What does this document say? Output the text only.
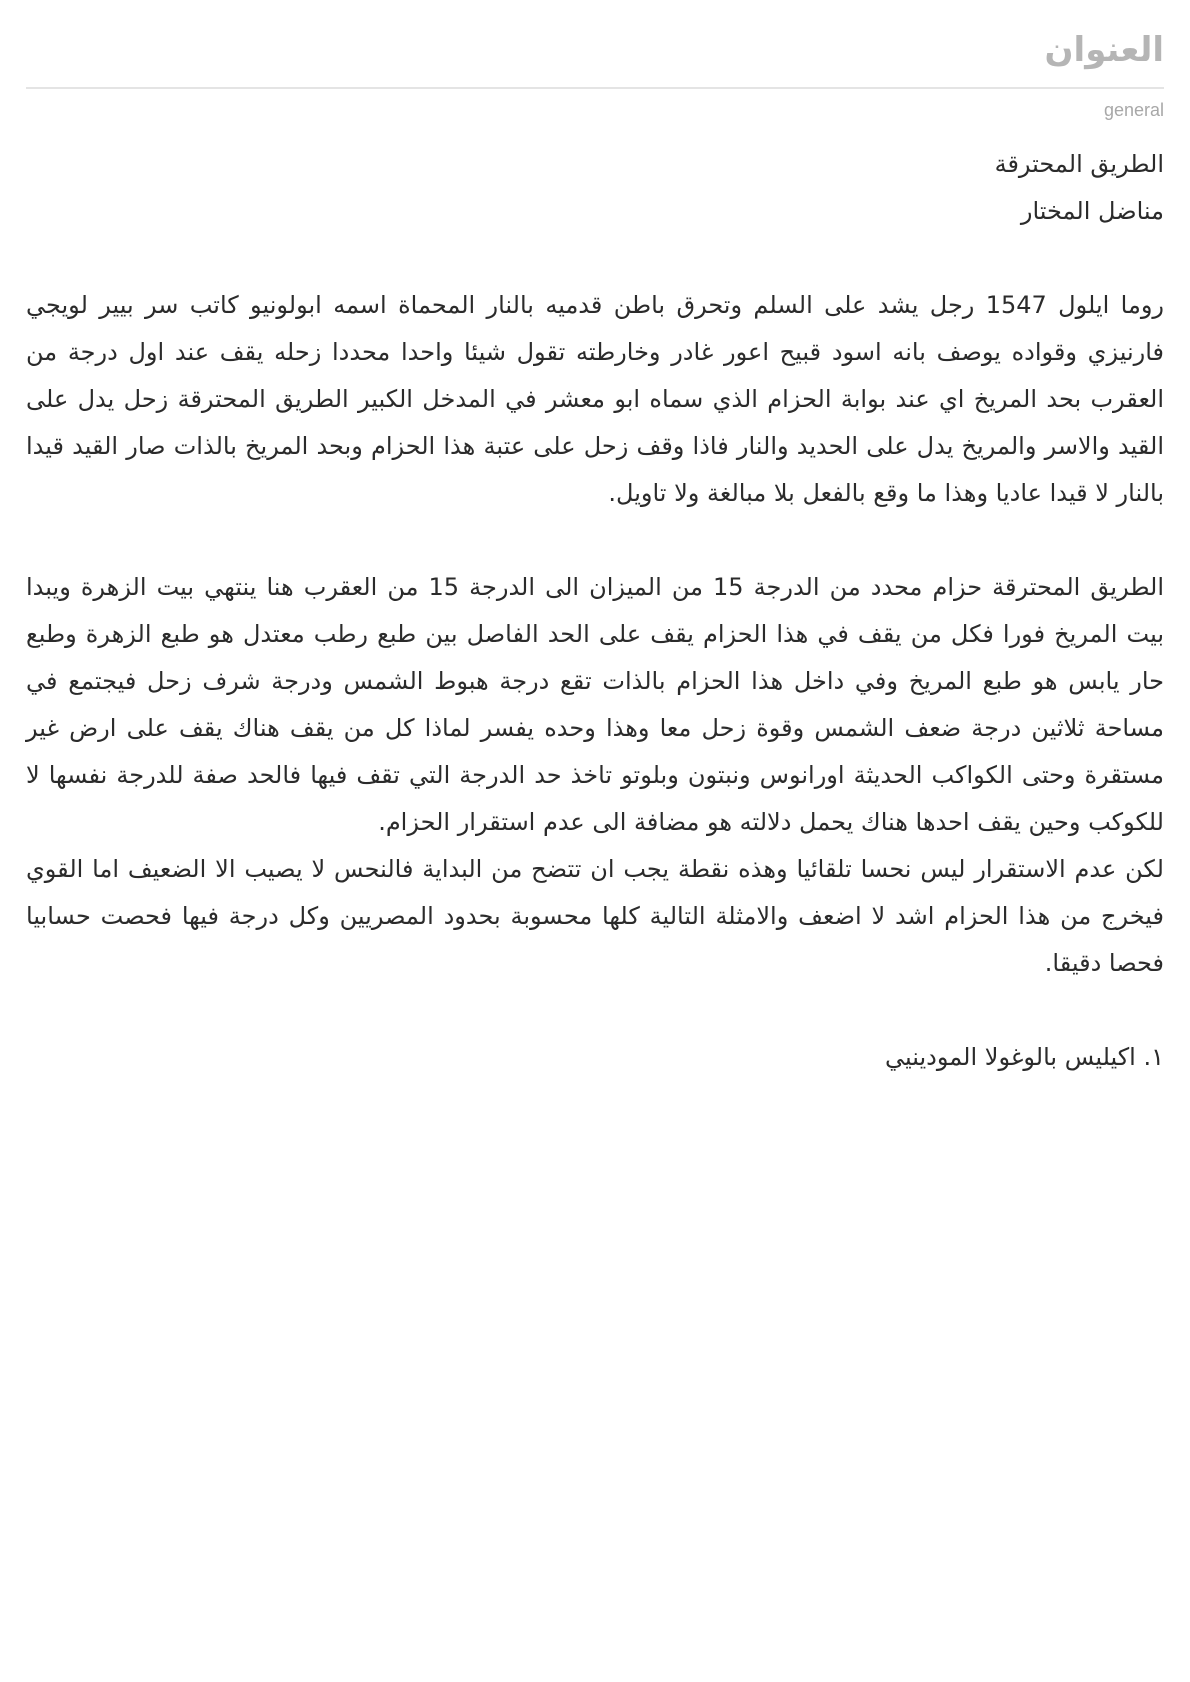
العنوان
general

الطريق المحترقة

مناضل المختار

روما ايلول 1547 رجل يشد على السلم وتحرق باطن قدميه بالنار المحماة اسمه ابولونيو كاتب سر بيير لويجي فارنيزي وقواده يوصف بانه اسود قبيح اعور غادر وخارطته تقول شيئا واحدا محددا زحله يقف عند اول درجة من العقرب بحد المريخ اي عند بوابة الحزام الذي سماه ابو معشر في المدخل الكبير الطريق المحترقة زحل يدل على القيد والاسر والمريخ يدل على الحديد والنار فاذا وقف زحل على عتبة هذا الحزام وبحد المريخ بالذات صار القيد قيدا بالنار لا قيدا عاديا وهذا ما وقع بالفعل بلا مبالغة ولا تاويل.

الطريق المحترقة حزام محدد من الدرجة 15 من الميزان الى الدرجة 15 من العقرب هنا ينتهي بيت الزهرة ويبدا بيت المريخ فورا فكل من يقف في هذا الحزام يقف على الحد الفاصل بين طبع رطب معتدل هو طبع الزهرة وطبع حار يابس هو طبع المريخ وفي داخل هذا الحزام بالذات تقع درجة هبوط الشمس ودرجة شرف زحل فيجتمع في مساحة ثلاثين درجة ضعف الشمس وقوة زحل معا وهذا وحده يفسر لماذا كل من يقف هناك يقف على ارض غير مستقرة وحتى الكواكب الحديثة اورانوس ونبتون وبلوتو تاخذ حد الدرجة التي تقف فيها فالحد صفة للدرجة نفسها لا للكوكب وحين يقف احدها هناك يحمل دلالته هو مضافة الى عدم استقرار الحزام.

لكن عدم الاستقرار ليس نحسا تلقائيا وهذه نقطة يجب ان تتضح من البداية فالنحس لا يصيب الا الضعيف اما القوي فيخرج من هذا الحزام اشد لا اضعف والامثلة التالية كلها محسوبة بحدود المصريين وكل درجة فيها فحصت حسابيا فحصا دقيقا.

١. اكيليس بالوغولا المودينيي
